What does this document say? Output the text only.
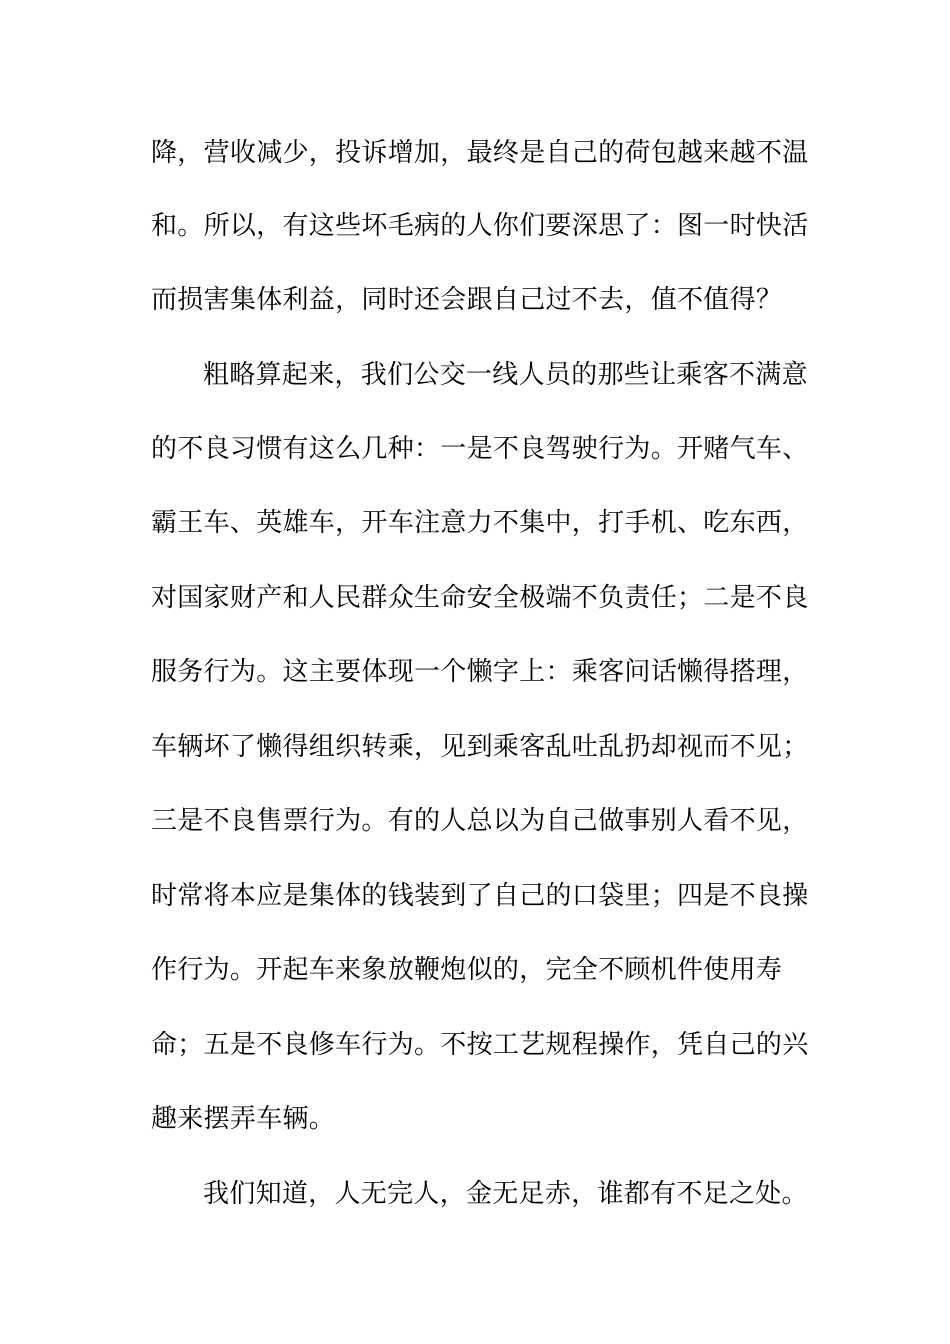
降，营收减少，投诉增加，最终是自己的荷包越来越不温
和。所以，有这些坏毛病的人你们要深思了：图一时快活
而损害集体利益，同时还会跟自己过不去，值不值得？
粗略算起来，我们公交一线人员的那些让乘客不满意
的不良习惯有这么几种：一是不良驾驶行为。开赌气车、
霸王车、英雄车，开车注意力不集中，打手机、吃东西，
对国家财产和人民群众生命安全极端不负责任；二是不良
服务行为。这主要体现一个懒字上：乘客问话懒得搭理，
车辆坏了懒得组织转乘，见到乘客乱吐乱扔却视而不见；
三是不良售票行为。有的人总以为自己做事别人看不见，
时常将本应是集体的钱装到了自己的口袋里；四是不良操
作行为。开起车来象放鞭炮似的，完全不顾机件使用寿
命；五是不良修车行为。不按工艺规程操作，凭自己的兴
趣来摆弄车辆。
我们知道，人无完人，金无足赤，谁都有不足之处。
